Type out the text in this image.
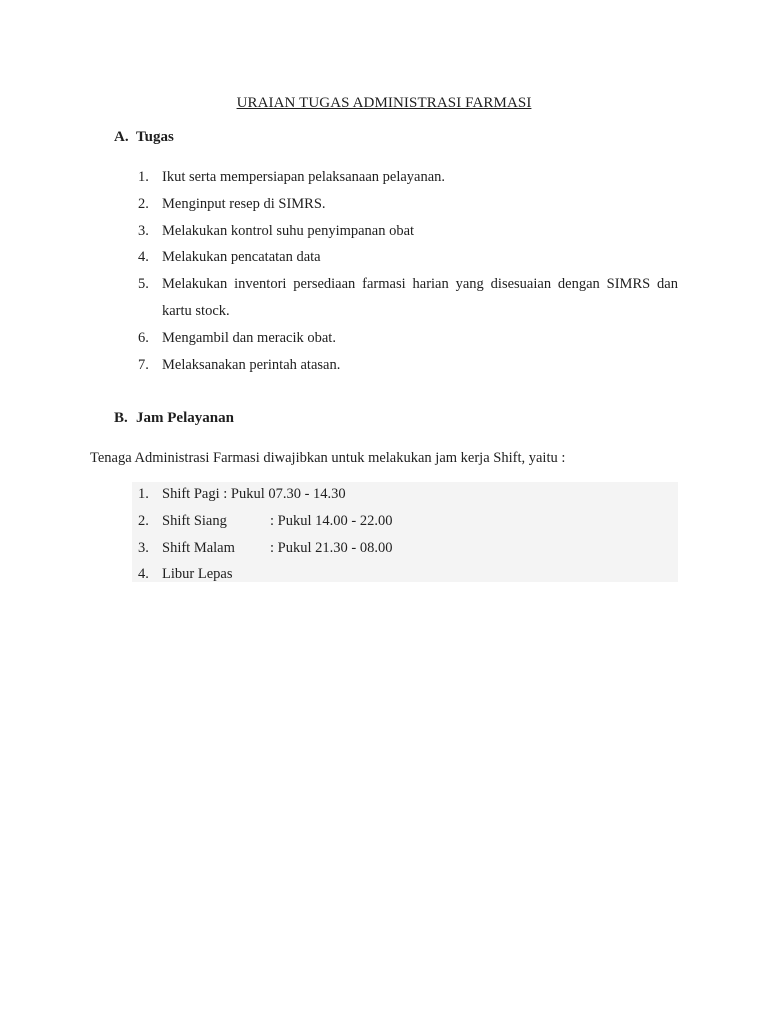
URAIAN TUGAS ADMINISTRASI FARMASI
A. Tugas
1. Ikut serta mempersiapan pelaksanaan pelayanan.
2. Menginput resep di SIMRS.
3. Melakukan kontrol suhu penyimpanan obat
4. Melakukan pencatatan data
5. Melakukan inventori persediaan farmasi harian yang disesuaian dengan SIMRS dan kartu stock.
6. Mengambil dan meracik obat.
7. Melaksanakan perintah atasan.
B. Jam Pelayanan
Tenaga Administrasi Farmasi diwajibkan untuk melakukan jam kerja Shift, yaitu :
1. Shift Pagi : Pukul 07.30 - 14.30
2. Shift Siang	: Pukul 14.00 - 22.00
3. Shift Malam : Pukul 21.30 - 08.00
4. Libur Lepas
